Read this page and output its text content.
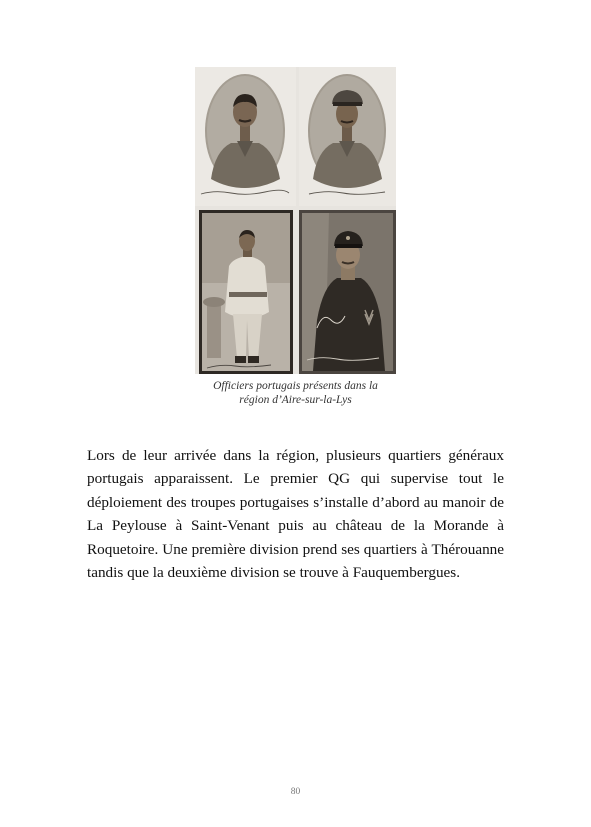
Officiers portugais présents dans la
région d’Aire-sur-la-Lys

Lors de leur arrivée dans la région, plusieurs quartiers généraux portugais apparaissent. Le premier QG qui supervise tout le déploiement des troupes portugaises s’installe d’abord au manoir de La Peylouse à Saint-Venant puis au château de la Morande à Roquetoire. Une première division prend ses quartiers à Thérouanne tandis que la deuxième division se trouve à Fauquembergues.

80
